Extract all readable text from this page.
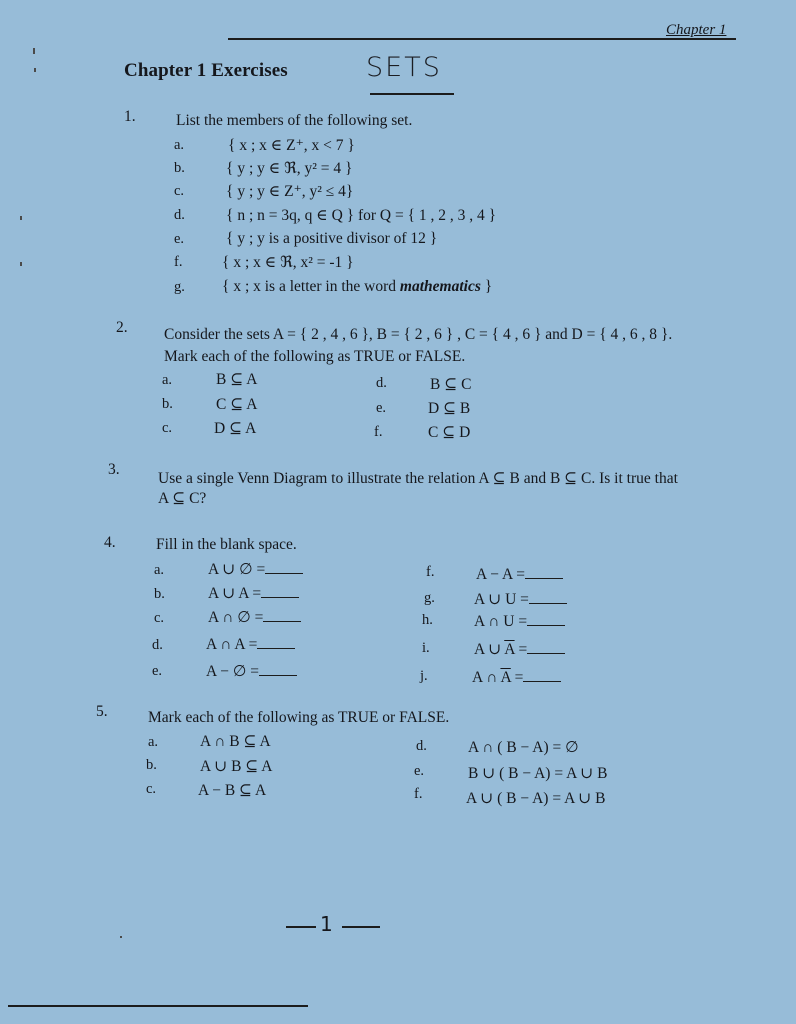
Chapter 1
Chapter 1 Exercises	SETS
1.	List the members of the following set.
a.	{ x ; x ∈ Z⁺, x < 7 }
b.	{ y ; y ∈ ℜ, y² = 4 }
c.	{ y ; y ∈ Z⁺, y² ≤ 4}
d.	{ n ; n = 3q, q ∈ Q } for Q = { 1 , 2 , 3 , 4 }
e.	{ y ; y is a positive divisor of 12 }
f.	{ x ; x ∈ ℜ, x² = -1 }
g. { x ; x is a letter in the word mathematics }
2. Consider the sets A = { 2 , 4 , 6 }, B = { 2 , 6 } , C = { 4 , 6 } and D = { 4 , 6 , 8 }.
Mark each of the following as TRUE or FALSE.
a.	B ⊆ A
b.	C ⊆ A
c.	D ⊆ A
d.	B ⊆ C
e.	D ⊆ B
f.	C ⊆ D
3.
Use a single Venn Diagram to illustrate the relation A ⊆ B and B ⊆ C. Is it true that
A ⊆ C?
4.	Fill in the blank space.
a.	A ∪ ∅ =
b.	A ∪ A =
c.	A ∩ ∅ =
d.	A ∩ A =
e.	A − ∅ =
f.	A − A =
g.	A ∪ U =
h.	A ∩ U =
i.	A ∪ $\overline{A}$ =
j.	A ∩ $\overline{A}$ =
5.	Mark each of the following as TRUE or FALSE.
a.	A ∩ B ⊆ A
b.	A ∪ B ⊆ A
c.	A − B ⊆ A
d.	A ∩ ( B − A) = ∅
e.	B ∪ ( B − A) = A ∪ B
f.	A ∪ ( B − A) = A ∪ B
1
